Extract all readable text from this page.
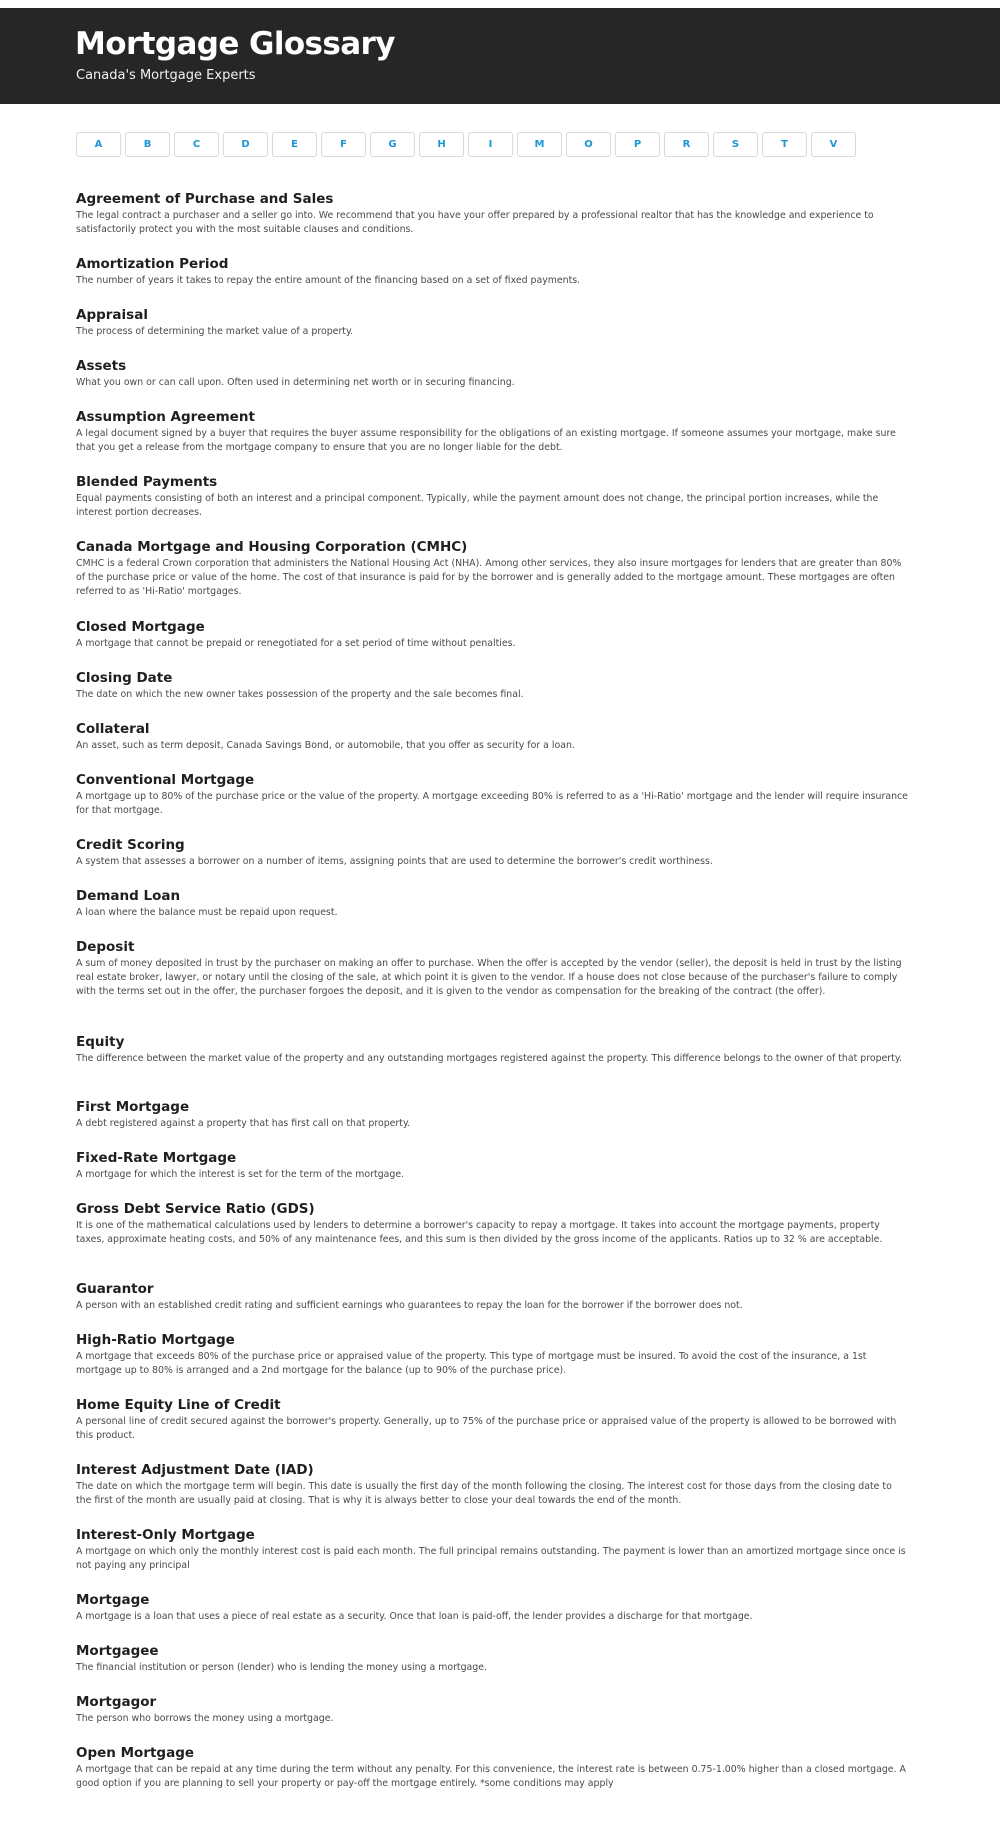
Mortgage Glossary

Canada's Mortgage Experts

A	B	C	D	E	F	G	H	I	M	O	P	R	S	T	V
Agreement of Purchase and Sales

The legal contract a purchaser and a seller go into. We recommend that you have your offer prepared by a professional realtor that has the knowledge and experience to satisfactorily protect you with the most suitable clauses and conditions.

Amortization Period

The number of years it takes to repay the entire amount of the financing based on a set of fixed payments.

Appraisal

The process of determining the market value of a property.

Assets

What you own or can call upon. Often used in determining net worth or in securing financing.

Assumption Agreement

A legal document signed by a buyer that requires the buyer assume responsibility for the obligations of an existing mortgage. If someone assumes your mortgage, make sure that you get a release from the mortgage company to ensure that you are no longer liable for the debt.

Blended Payments

Equal payments consisting of both an interest and a principal component. Typically, while the payment amount does not change, the principal portion increases, while the interest portion decreases.

Canada Mortgage and Housing Corporation (CMHC)

CMHC is a federal Crown corporation that administers the National Housing Act (NHA). Among other services, they also insure mortgages for lenders that are greater than 80% of the purchase price or value of the home. The cost of that insurance is paid for by the borrower and is generally added to the mortgage amount. These mortgages are often referred to as 'Hi-Ratio' mortgages.

Closed Mortgage

A mortgage that cannot be prepaid or renegotiated for a set period of time without penalties.

Closing Date

The date on which the new owner takes possession of the property and the sale becomes final.

Collateral

An asset, such as term deposit, Canada Savings Bond, or automobile, that you offer as security for a loan.

Conventional Mortgage

A mortgage up to 80% of the purchase price or the value of the property. A mortgage exceeding 80% is referred to as a 'Hi-Ratio' mortgage and the lender will require insurance for that mortgage.

Credit Scoring

A system that assesses a borrower on a number of items, assigning points that are used to determine the borrower's credit worthiness.

Demand Loan

A loan where the balance must be repaid upon request.

Deposit

A sum of money deposited in trust by the purchaser on making an offer to purchase. When the offer is accepted by the vendor (seller), the deposit is held in trust by the listing real estate broker, lawyer, or notary until the closing of the sale, at which point it is given to the vendor. If a house does not close because of the purchaser's failure to comply with the terms set out in the offer, the purchaser forgoes the deposit, and it is given to the vendor as compensation for the breaking of the contract (the offer).

Equity

The difference between the market value of the property and any outstanding mortgages registered against the property. This difference belongs to the owner of that property.

First Mortgage

A debt registered against a property that has first call on that property.

Fixed-Rate Mortgage

A mortgage for which the interest is set for the term of the mortgage.

Gross Debt Service Ratio (GDS)

It is one of the mathematical calculations used by lenders to determine a borrower's capacity to repay a mortgage. It takes into account the mortgage payments, property taxes, approximate heating costs, and 50% of any maintenance fees, and this sum is then divided by the gross income of the applicants. Ratios up to 32 % are acceptable.

Guarantor

A person with an established credit rating and sufficient earnings who guarantees to repay the loan for the borrower if the borrower does not.

High-Ratio Mortgage

A mortgage that exceeds 80% of the purchase price or appraised value of the property. This type of mortgage must be insured. To avoid the cost of the insurance, a 1st mortgage up to 80% is arranged and a 2nd mortgage for the balance (up to 90% of the purchase price).

Home Equity Line of Credit

A personal line of credit secured against the borrower's property. Generally, up to 75% of the purchase price or appraised value of the property is allowed to be borrowed with this product.

Interest Adjustment Date (IAD)

The date on which the mortgage term will begin. This date is usually the first day of the month following the closing. The interest cost for those days from the closing date to the first of the month are usually paid at closing. That is why it is always better to close your deal towards the end of the month.

Interest-Only Mortgage

A mortgage on which only the monthly interest cost is paid each month. The full principal remains outstanding. The payment is lower than an amortized mortgage since once is not paying any principal

Mortgage

A mortgage is a loan that uses a piece of real estate as a security. Once that loan is paid-off, the lender provides a discharge for that mortgage.

Mortgagee

The financial institution or person (lender) who is lending the money using a mortgage.

Mortgagor

The person who borrows the money using a mortgage.

Open Mortgage

A mortgage that can be repaid at any time during the term without any penalty. For this convenience, the interest rate is between 0.75-1.00% higher than a closed mortgage. A good option if you are planning to sell your property or pay-off the mortgage entirely. *some conditions may apply
